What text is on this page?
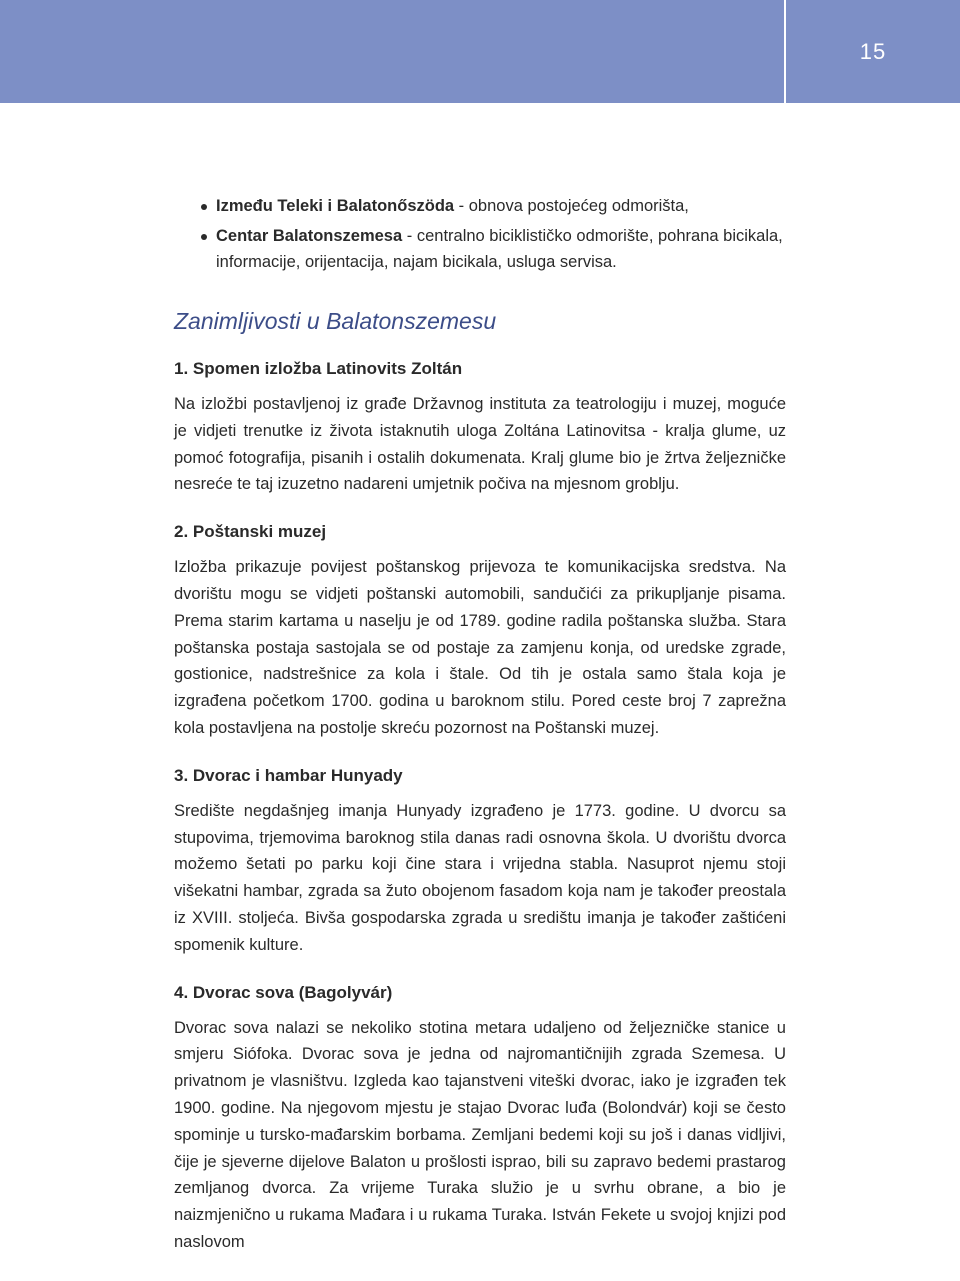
15
Između Teleki i Balatonőszöda - obnova postojećeg odmorišta,
Centar Balatonszemesa - centralno biciklističko odmorište, pohrana bicikala, informacije, orijentacija, najam bicikala, usluga servisa.
Zanimljivosti u Balatonszemesu
1. Spomen izložba Latinovits Zoltán

Na izložbi postavljenoj iz građe Državnog instituta za teatrologiju i muzej, moguće je vidjeti trenutke iz života istaknutih uloga Zoltána Latinovitsa - kralja glume, uz pomoć fotografija, pisanih i ostalih dokumenata. Kralj glume bio je žrtva željezničke nesreće te taj izuzetno nadareni umjetnik počiva na mjesnom groblju.

2. Poštanski muzej

Izložba prikazuje povijest poštanskog prijevoza te komunikacijska sredstva. Na dvorištu mogu se vidjeti poštanski automobili, sandučići za prikupljanje pisama. Prema starim kartama u naselju je od 1789. godine radila poštanska služba. Stara poštanska postaja sastojala se od postaje za zamjenu konja, od uredske zgrade, gostionice, nadstrešnice za kola i štale. Od tih je ostala samo štala koja je izgrađena početkom 1700. godina u baroknom stilu. Pored ceste broj 7 zaprežna kola postavljena na postolje skreću pozornost na Poštanski muzej.

3. Dvorac i hambar Hunyady

Središte negdašnjeg imanja Hunyady izgrađeno je 1773. godine. U dvorcu sa stupovima, trjemovima baroknog stila danas radi osnovna škola. U dvorištu dvorca možemo šetati po parku koji čine stara i vrijedna stabla. Nasuprot njemu stoji višekatni hambar, zgrada sa žuto obojenom fasadom koja nam je također preostala iz XVIII. stoljeća. Bivša gospodarska zgrada u središtu imanja je također zaštićeni spomenik kulture.

4. Dvorac sova (Bagolyvár)

Dvorac sova nalazi se nekoliko stotina metara udaljeno od željezničke stanice u smjeru Siófoka. Dvorac sova je jedna od najromantičnijih zgrada Szemesa. U privatnom je vlasništvu. Izgleda kao tajanstveni viteški dvorac, iako je izgrađen tek 1900. godine. Na njegovom mjestu je stajao Dvorac luđa (Bolondvár) koji se često spominje u tursko-mađarskim borbama. Zemljani bedemi koji su još i danas vidljivi, čije je sjeverne dijelove Balaton u prošlosti isprao, bili su zapravo bedemi prastarog zemljanog dvorca. Za vrijeme Turaka služio je u svrhu obrane, a bio je naizmjenično u rukama Mađara i u rukama Turaka. István Fekete u svojoj knjizi pod naslovom
